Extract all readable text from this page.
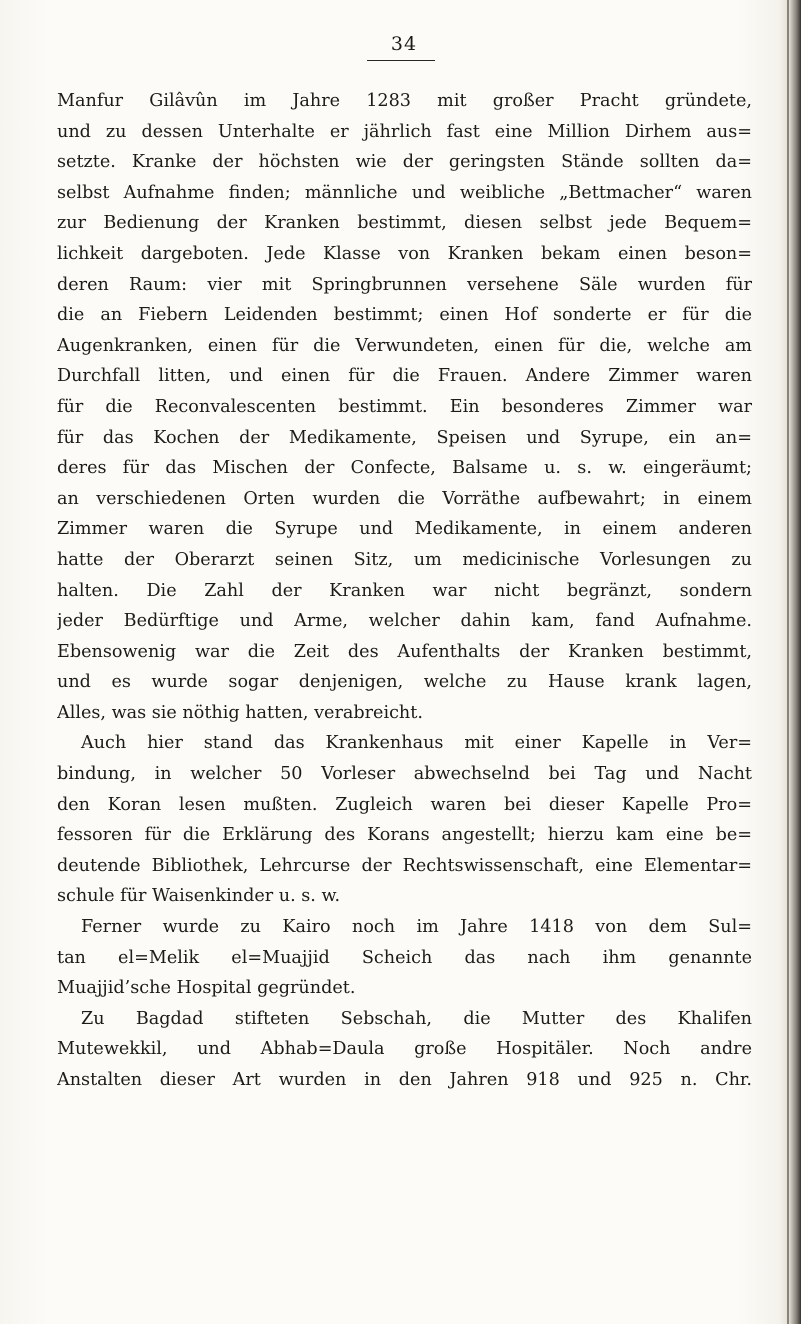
34
Manfur Gilâvûn im Jahre 1283 mit großer Pracht gründete,
und zu dessen Unterhalte er jährlich fast eine Million Dirhem aus=
setzte. Kranke der höchsten wie der geringsten Stände sollten da=
selbst Aufnahme finden; männliche und weibliche „Bettmacher“ waren
zur Bedienung der Kranken bestimmt, diesen selbst jede Bequem=
lichkeit dargeboten. Jede Klasse von Kranken bekam einen beson=
deren Raum: vier mit Springbrunnen versehene Säle wurden für
die an Fiebern Leidenden bestimmt; einen Hof sonderte er für die
Augenkranken, einen für die Verwundeten, einen für die, welche am
Durchfall litten, und einen für die Frauen. Andere Zimmer waren
für die Reconvalescenten bestimmt. Ein besonderes Zimmer war
für das Kochen der Medikamente, Speisen und Syrupe, ein an=
deres für das Mischen der Confecte, Balsame u. s. w. eingeräumt;
an verschiedenen Orten wurden die Vorräthe aufbewahrt; in einem
Zimmer waren die Syrupe und Medikamente, in einem anderen
hatte der Oberarzt seinen Sitz, um medicinische Vorlesungen zu
halten. Die Zahl der Kranken war nicht begränzt, sondern
jeder Bedürftige und Arme, welcher dahin kam, fand Aufnahme.
Ebensowenig war die Zeit des Aufenthalts der Kranken bestimmt,
und es wurde sogar denjenigen, welche zu Hause krank lagen,
Alles, was sie nöthig hatten, verabreicht.
Auch hier stand das Krankenhaus mit einer Kapelle in Ver=
bindung, in welcher 50 Vorleser abwechselnd bei Tag und Nacht
den Koran lesen mußten. Zugleich waren bei dieser Kapelle Pro=
fessoren für die Erklärung des Korans angestellt; hierzu kam eine be=
deutende Bibliothek, Lehrcurse der Rechtswissenschaft, eine Elementar=
schule für Waisenkinder u. s. w.
Ferner wurde zu Kairo noch im Jahre 1418 von dem Sul=
tan el=Melik el=Muajjid Scheich das nach ihm genannte
Muajjid’sche Hospital gegründet.
Zu Bagdad stifteten Sebschah, die Mutter des Khalifen
Mutewekkil, und Abhab=Daula große Hospitäler. Noch andre
Anstalten dieser Art wurden in den Jahren 918 und 925 n. Chr.
